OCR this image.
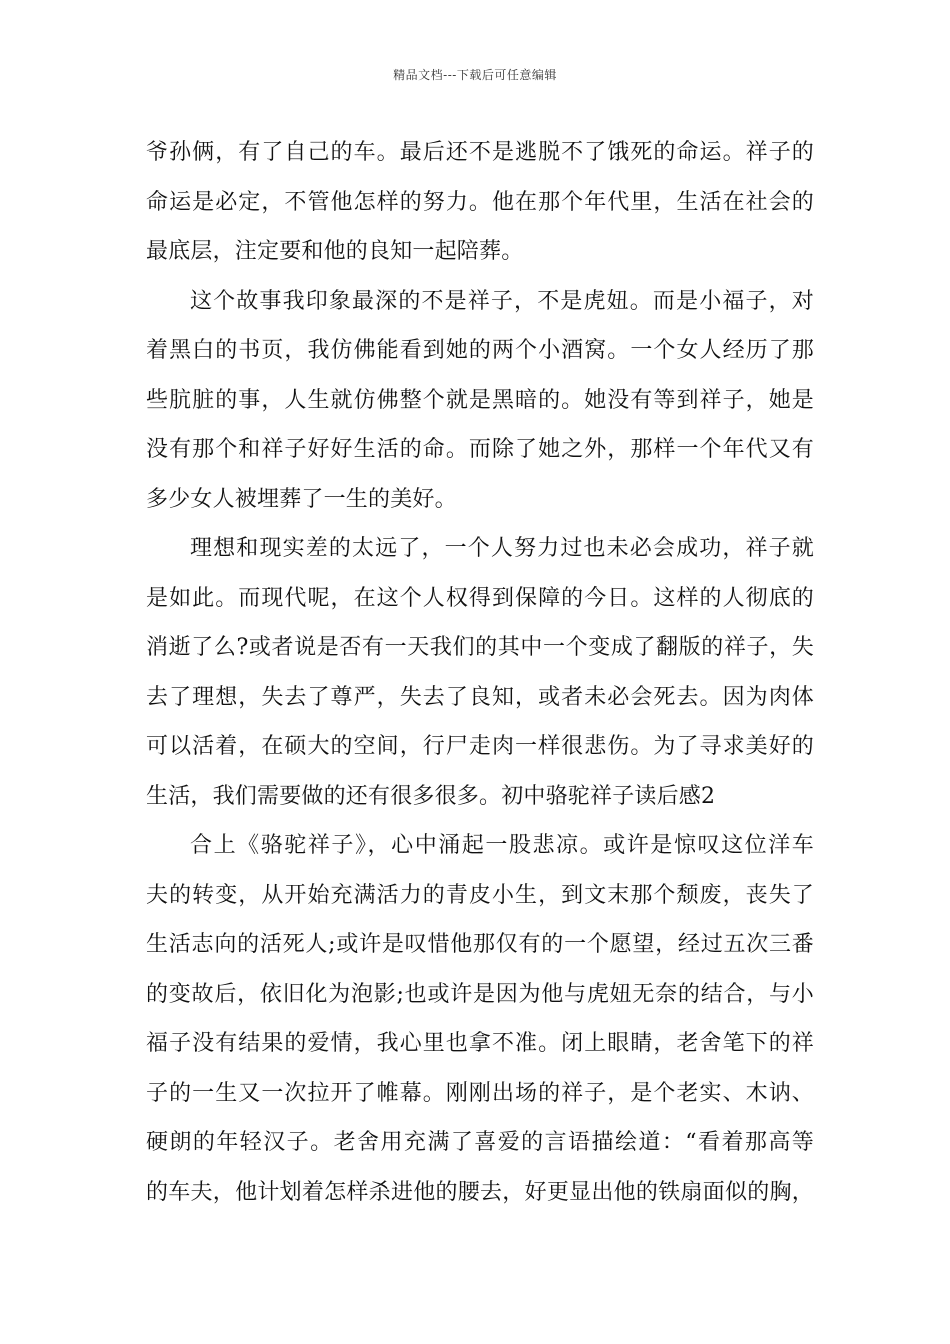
精品文档---下载后可任意编辑
爷孙俩，有了自己的车。最后还不是逃脱不了饿死的命运。祥子的
命运是必定，不管他怎样的努力。他在那个年代里，生活在社会的
最底层，注定要和他的良知一起陪葬。
这个故事我印象最深的不是祥子，不是虎妞。而是小福子，对
着黑白的书页，我仿佛能看到她的两个小酒窝。一个女人经历了那
些肮脏的事，人生就仿佛整个就是黑暗的。她没有等到祥子，她是
没有那个和祥子好好生活的命。而除了她之外，那样一个年代又有
多少女人被埋葬了一生的美好。
理想和现实差的太远了，一个人努力过也未必会成功，祥子就
是如此。而现代呢，在这个人权得到保障的今日。这样的人彻底的
消逝了么?或者说是否有一天我们的其中一个变成了翻版的祥子，失
去了理想，失去了尊严，失去了良知，或者未必会死去。因为肉体
可以活着，在硕大的空间，行尸走肉一样很悲伤。为了寻求美好的
生活，我们需要做的还有很多很多。初中骆驼祥子读后感2
合上《骆驼祥子》，心中涌起一股悲凉。或许是惊叹这位洋车
夫的转变，从开始充满活力的青皮小生，到文末那个颓废，丧失了
生活志向的活死人;或许是叹惜他那仅有的一个愿望，经过五次三番
的变故后，依旧化为泡影;也或许是因为他与虎妞无奈的结合，与小
福子没有结果的爱情，我心里也拿不准。闭上眼睛，老舍笔下的祥
子的一生又一次拉开了帷幕。刚刚出场的祥子，是个老实、木讷、
硬朗的年轻汉子。老舍用充满了喜爱的言语描绘道：“看着那高等
的车夫，他计划着怎样杀进他的腰去，好更显出他的铁扇面似的胸，
